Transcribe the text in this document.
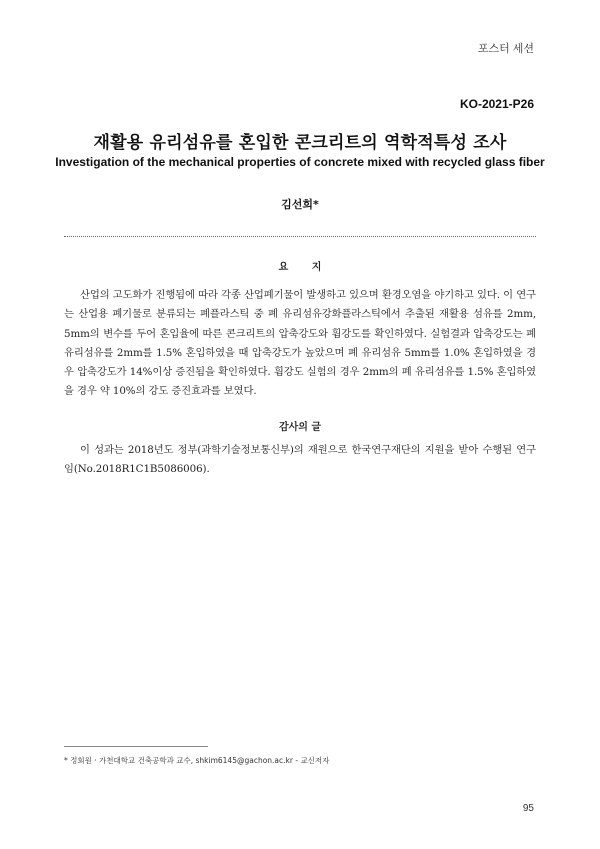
포스터 세션
KO-2021-P26
재활용 유리섬유를 혼입한 콘크리트의 역학적특성 조사
Investigation of the mechanical properties of concrete mixed with recycled glass fiber
김선희*
요 지

산업의 고도화가 진행됨에 따라 각종 산업폐기물이 발생하고 있으며 환경오염을 야기하고 있다. 이 연구는 산업용 폐기물로 분류되는 폐플라스틱 중 폐 유리섬유강화플라스틱에서 추출된 재활용 섬유를 2mm, 5mm의 변수를 두어 혼입율에 따른 콘크리트의 압축강도와 휨강도를 확인하였다. 실험결과 압축강도는 폐 유리섬유를 2mm를 1.5% 혼입하였을 때 압축강도가 높았으며 폐 유리섬유 5mm를 1.0% 혼입하였을 경우 압축강도가 14%이상 증진됨을 확인하였다. 휨강도 실험의 경우 2mm의 폐 유리섬유를 1.5% 혼입하였을 경우 약 10%의 강도 증진효과를 보였다.

감사의 글

이 성과는 2018년도 정부(과학기술정보통신부)의 재원으로 한국연구재단의 지원을 받아 수행된 연구임(No.2018R1C1B5086006).

* 정회원 · 가천대학교 건축공학과 교수, shkim6145@gachon.ac.kr - 교신저자
95
